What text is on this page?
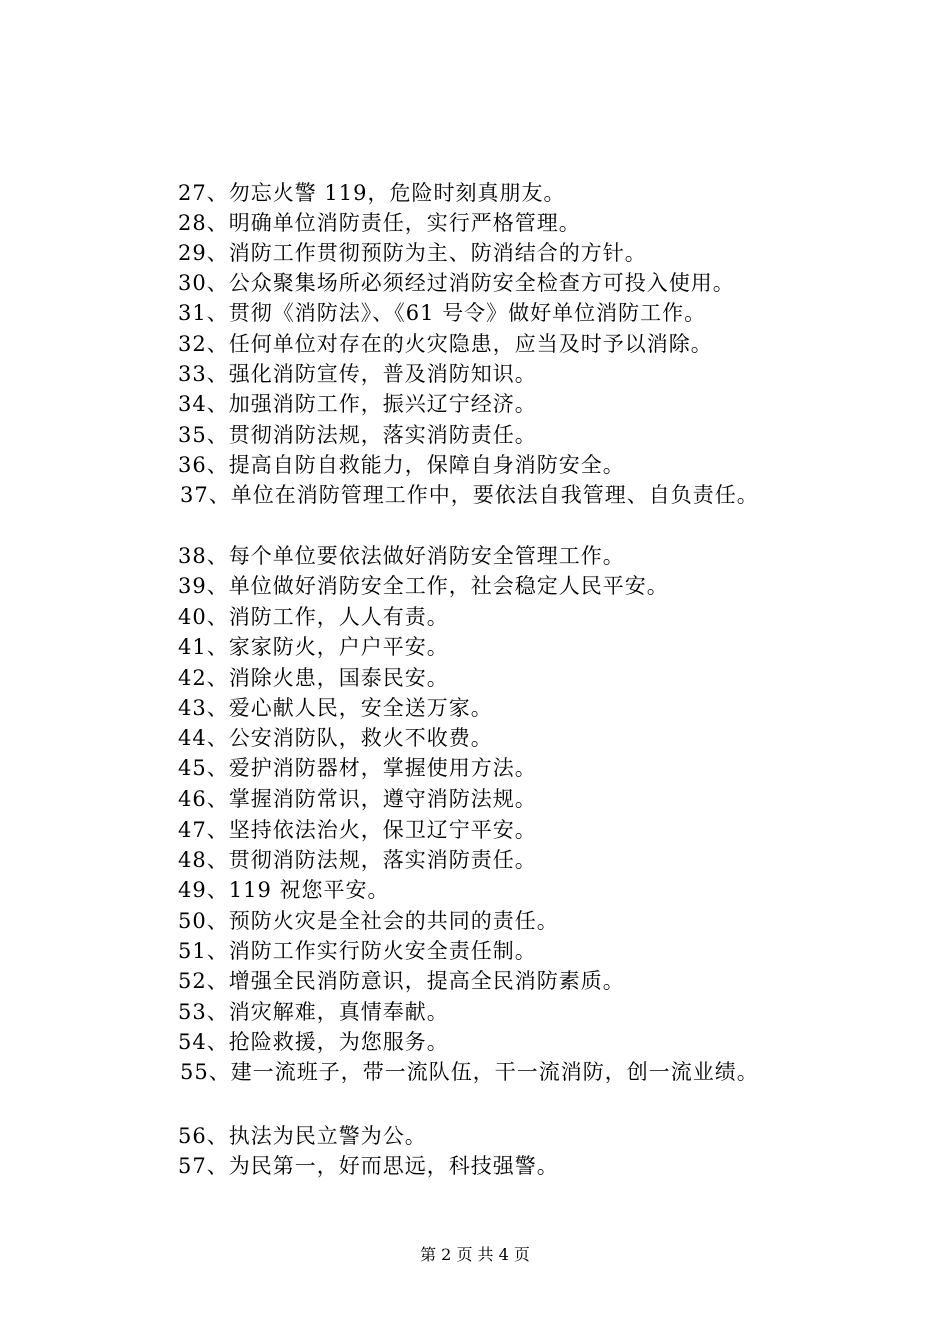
27、勿忘火警 119，危险时刻真朋友。
28、明确单位消防责任，实行严格管理。
29、消防工作贯彻预防为主、防消结合的方针。
30、公众聚集场所必须经过消防安全检查方可投入使用。
31、贯彻《消防法》、《61 号令》做好单位消防工作。
32、任何单位对存在的火灾隐患，应当及时予以消除。
33、强化消防宣传，普及消防知识。
34、加强消防工作，振兴辽宁经济。
35、贯彻消防法规，落实消防责任。
36、提高自防自救能力，保障自身消防安全。
37、单位在消防管理工作中，要依法自我管理、自负责任。
38、每个单位要依法做好消防安全管理工作。
39、单位做好消防安全工作，社会稳定人民平安。
40、消防工作，人人有责。
41、家家防火，户户平安。
42、消除火患，国泰民安。
43、爱心献人民，安全送万家。
44、公安消防队，救火不收费。
45、爱护消防器材，掌握使用方法。
46、掌握消防常识，遵守消防法规。
47、坚持依法治火，保卫辽宁平安。
48、贯彻消防法规，落实消防责任。
49、119 祝您平安。
50、预防火灾是全社会的共同的责任。
51、消防工作实行防火安全责任制。
52、增强全民消防意识，提高全民消防素质。
53、消灾解难，真情奉献。
54、抢险救援，为您服务。
55、建一流班子，带一流队伍，干一流消防，创一流业绩。
56、执法为民立警为公。
57、为民第一，好而思远，科技强警。
第 2 页 共 4 页
